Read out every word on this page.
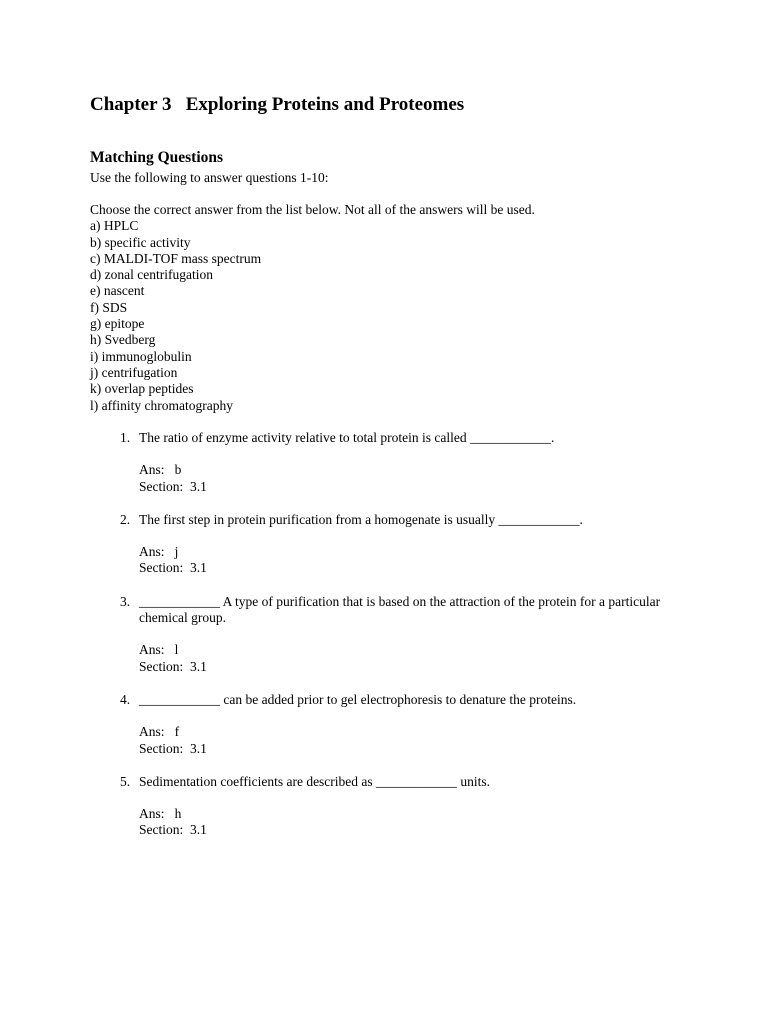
Chapter 3   Exploring Proteins and Proteomes
Matching Questions

Use the following to answer questions 1-10:

Choose the correct answer from the list below. Not all of the answers will be used.

a) HPLC
b) specific activity
c) MALDI-TOF mass spectrum
d) zonal centrifugation
e) nascent
f) SDS
g) epitope
h) Svedberg
i) immunoglobulin
j) centrifugation
k) overlap peptides
l) affinity chromatography
1. The ratio of enzyme activity relative to total protein is called ____________.

Ans:   b

Section:  3.1

2. The first step in protein purification from a homogenate is usually ____________.

Ans:   j

Section:  3.1

3. ____________ A type of purification that is based on the attraction of the protein for a particular chemical group.

Ans:   l

Section:  3.1

4. ____________ can be added prior to gel electrophoresis to denature the proteins.

Ans:   f

Section:  3.1

5. Sedimentation coefficients are described as ____________ units.

Ans:   h

Section:  3.1
